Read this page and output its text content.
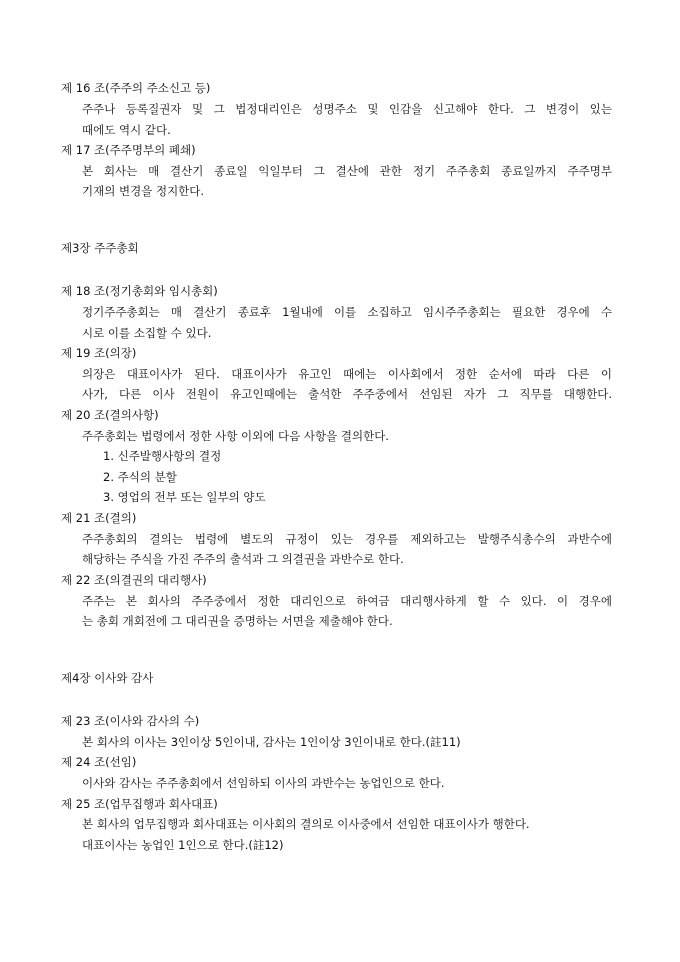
제 16 조(주주의 주소신고 등)
주주나 등록질권자 및 그 법정대리인은 성명주소 및 인감을 신고해야 한다. 그 변경이 있는
때에도 역시 같다.
제 17 조(주주명부의 폐쇄)
본 회사는 매 결산기 종료일 익일부터 그 결산에 관한 정기 주주총회 종료일까지 주주명부
기재의 변경을 정지한다.
제3장 주주총회
제 18 조(정기총회와 임시총회)
정기주주총회는 매 결산기 종료후 1월내에 이를 소집하고 임시주주총회는 필요한 경우에 수
시로 이를 소집할 수 있다.
제 19 조(의장)
의장은 대표이사가 된다. 대표이사가 유고인 때에는 이사회에서 정한 순서에 따라 다른 이
사가, 다른 이사 전원이 유고인때에는 출석한 주주중에서 선임된 자가 그 직무를 대행한다.
제 20 조(결의사항)
주주총회는 법령에서 정한 사항 이외에 다음 사항을 결의한다.
1. 신주발행사항의 결정
2. 주식의 분할
3. 영업의 전부 또는 일부의 양도
제 21 조(결의)
주주총회의 결의는 법령에 별도의 규정이 있는 경우를 제외하고는 발행주식총수의 과반수에
해당하는 주식을 가진 주주의 출석과 그 의결권을 과반수로 한다.
제 22 조(의결권의 대리행사)
주주는 본 회사의 주주중에서 정한 대리인으로 하여금 대리행사하게 할 수 있다. 이 경우에
는 총회 개회전에 그 대리권을 증명하는 서면을 제출해야 한다.
제4장 이사와 감사
제 23 조(이사와 감사의 수)
본 회사의 이사는 3인이상 5인이내, 감사는 1인이상 3인이내로 한다.(註11)
제 24 조(선임)
이사와 감사는 주주총회에서 선임하되 이사의 과반수는 농업인으로 한다.
제 25 조(업무집행과 회사대표)
본 회사의 업무집행과 회사대표는 이사회의 결의로 이사중에서 선임한 대표이사가 행한다.
대표이사는 농업인 1인으로 한다.(註12)
